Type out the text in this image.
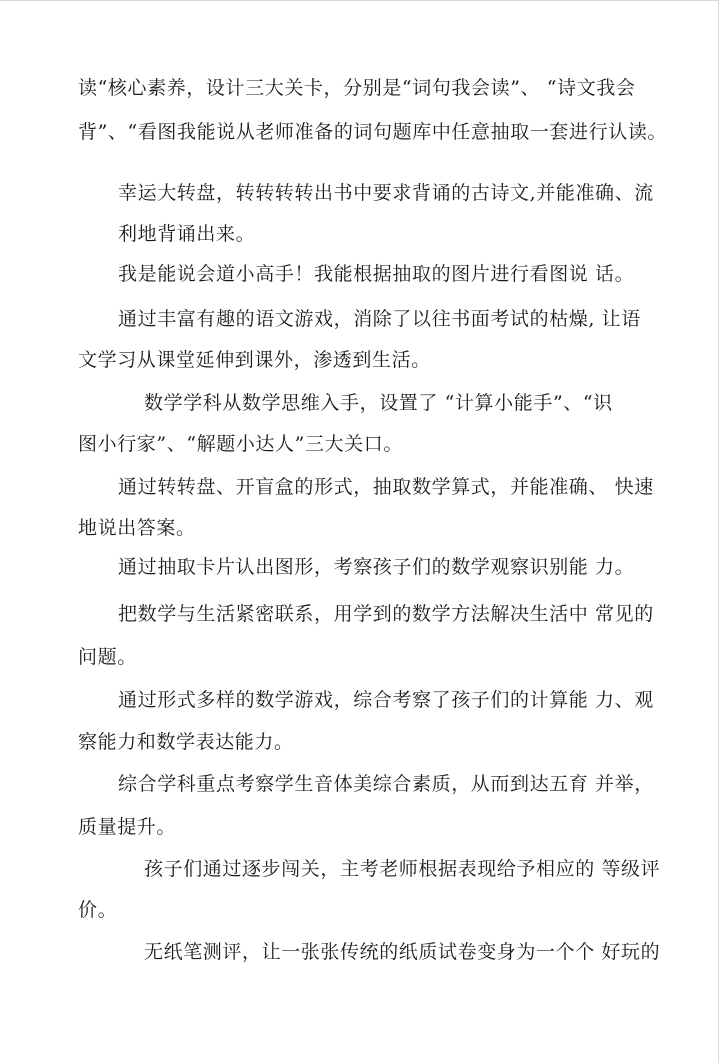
读“核心素养，设计三大关卡，分别是“词句我会读”、 “诗文我会
背”、“看图我能说从老师准备的词句题库中任意抽取一套进行认读。
幸运大转盘，转转转转出书中要求背诵的古诗文,并能准确、流
利地背诵出来。
我是能说会道小高手！我能根据抽取的图片进行看图说 话。
通过丰富有趣的语文游戏，消除了以往书面考试的枯燥, 让语
文学习从课堂延伸到课外，渗透到生活。
数学学科从数学思维入手，设置了 “计算小能手”、“识
图小行家”、“解题小达人”三大关口。
通过转转盘、开盲盒的形式，抽取数学算式，并能准确、 快速
地说出答案。
通过抽取卡片认出图形，考察孩子们的数学观察识别能 力。
把数学与生活紧密联系，用学到的数学方法解决生活中 常见的
问题。
通过形式多样的数学游戏，综合考察了孩子们的计算能 力、观
察能力和数学表达能力。
综合学科重点考察学生音体美综合素质，从而到达五育 并举，
质量提升。
孩子们通过逐步闯关，主考老师根据表现给予相应的 等级评
价。
无纸笔测评，让一张张传统的纸质试卷变身为一个个 好玩的
